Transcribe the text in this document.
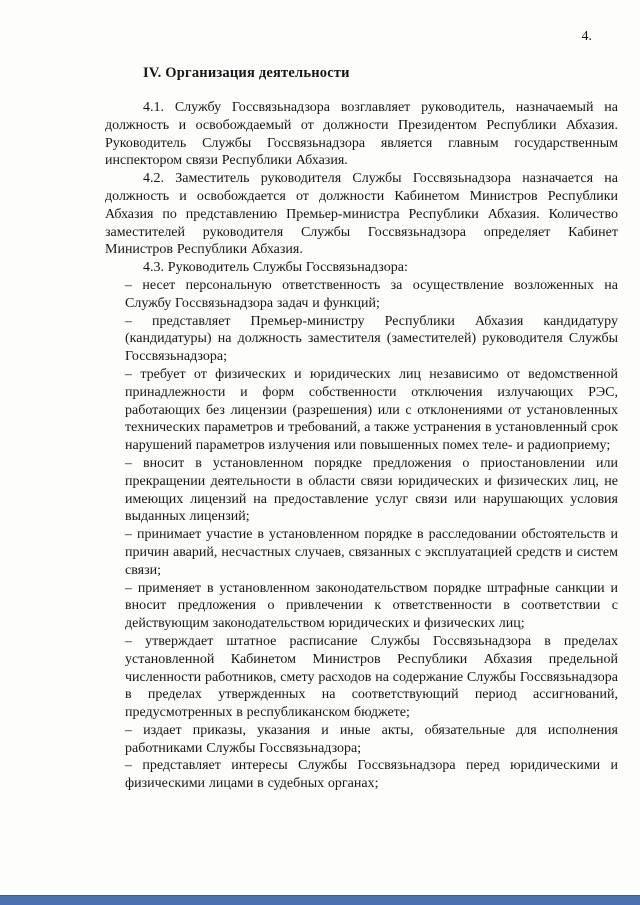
4.
IV. Организация деятельности

4.1. Службу Госсвязьнадзора возглавляет руководитель, назначаемый на должность и освобождаемый от должности Президентом Республики Абхазия. Руководитель Службы Госсвязьнадзора является главным государственным инспектором связи Республики Абхазия.

4.2. Заместитель руководителя Службы Госсвязьнадзора назначается на должность и освобождается от должности Кабинетом Министров Республики Абхазия по представлению Премьер-министра Республики Абхазия. Количество заместителей руководителя Службы Госсвязьнадзора определяет Кабинет Министров Республики Абхазия.

4.3. Руководитель Службы Госсвязьнадзора:

– несет персональную ответственность за осуществление возложенных на Службу Госсвязьнадзора задач и функций;

– представляет Премьер-министру Республики Абхазия кандидатуру (кандидатуры) на должность заместителя (заместителей) руководителя Службы Госсвязьнадзора;

– требует от физических и юридических лиц независимо от ведомственной принадлежности и форм собственности отключения излучающих РЭС, работающих без лицензии (разрешения) или с отклонениями от установленных технических параметров и требований, а также устранения в установленный срок нарушений параметров излучения или повышенных помех теле- и радиоприему;

– вносит в установленном порядке предложения о приостановлении или прекращении деятельности в области связи юридических и физических лиц, не имеющих лицензий на предоставление услуг связи или нарушающих условия выданных лицензий;

– принимает участие в установленном порядке в расследовании обстоятельств и причин аварий, несчастных случаев, связанных с эксплуатацией средств и систем связи;

– применяет в установленном законодательством порядке штрафные санкции и вносит предложения о привлечении к ответственности в соответствии с действующим законодательством юридических и физических лиц;

– утверждает штатное расписание Службы Госсвязьнадзора в пределах установленной Кабинетом Министров Республики Абхазия предельной численности работников, смету расходов на содержание Службы Госсвязьнадзора в пределах утвержденных на соответствующий период ассигнований, предусмотренных в республиканском бюджете;

– издает приказы, указания и иные акты, обязательные для исполнения работниками Службы Госсвязьнадзора;

– представляет интересы Службы Госсвязьнадзора перед юридическими и физическими лицами в судебных органах;
